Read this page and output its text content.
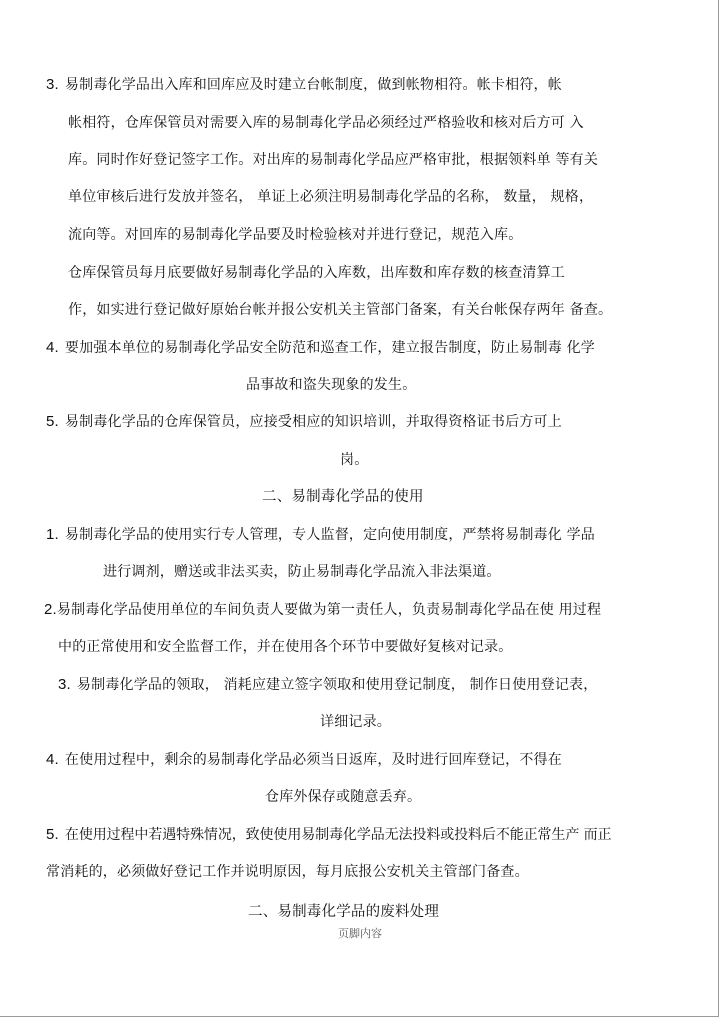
3. 易制毒化学品出入库和回库应及时建立台帐制度，做到帐物相符。帐卡相符，帐
帐相符，仓库保管员对需要入库的易制毒化学品必须经过严格验收和核对后方可 入
库。同时作好登记签字工作。对出库的易制毒化学品应严格审批，根据领料单 等有关
单位审核后进行发放并签名， 单证上必须注明易制毒化学品的名称， 数量， 规格，
流向等。对回库的易制毒化学品要及时检验核对并进行登记，规范入库。
仓库保管员每月底要做好易制毒化学品的入库数，出库数和库存数的核查清算工
作，如实进行登记做好原始台帐并报公安机关主管部门备案，有关台帐保存两年 备查。
4. 要加强本单位的易制毒化学品安全防范和巡查工作，建立报告制度，防止易制毒 化学
品事故和盗失现象的发生。
5. 易制毒化学品的仓库保管员，应接受相应的知识培训，并取得资格证书后方可上
岗。
二、易制毒化学品的使用
1. 易制毒化学品的使用实行专人管理，专人监督，定向使用制度，严禁将易制毒化 学品
进行调剂，赠送或非法买卖，防止易制毒化学品流入非法渠道。
2.易制毒化学品使用单位的车间负责人要做为第一责任人，负责易制毒化学品在使 用过程
中的正常使用和安全监督工作，并在使用各个环节中要做好复核对记录。
3. 易制毒化学品的领取， 消耗应建立签字领取和使用登记制度， 制作日使用登记表，
详细记录。
4. 在使用过程中，剩余的易制毒化学品必须当日返库，及时进行回库登记，不得在
仓库外保存或随意丢弃。
5. 在使用过程中若遇特殊情况，致使使用易制毒化学品无法投料或投料后不能正常生产 而正
常消耗的，必须做好登记工作并说明原因，每月底报公安机关主管部门备查。
二、易制毒化学品的废料处理
页脚内容
